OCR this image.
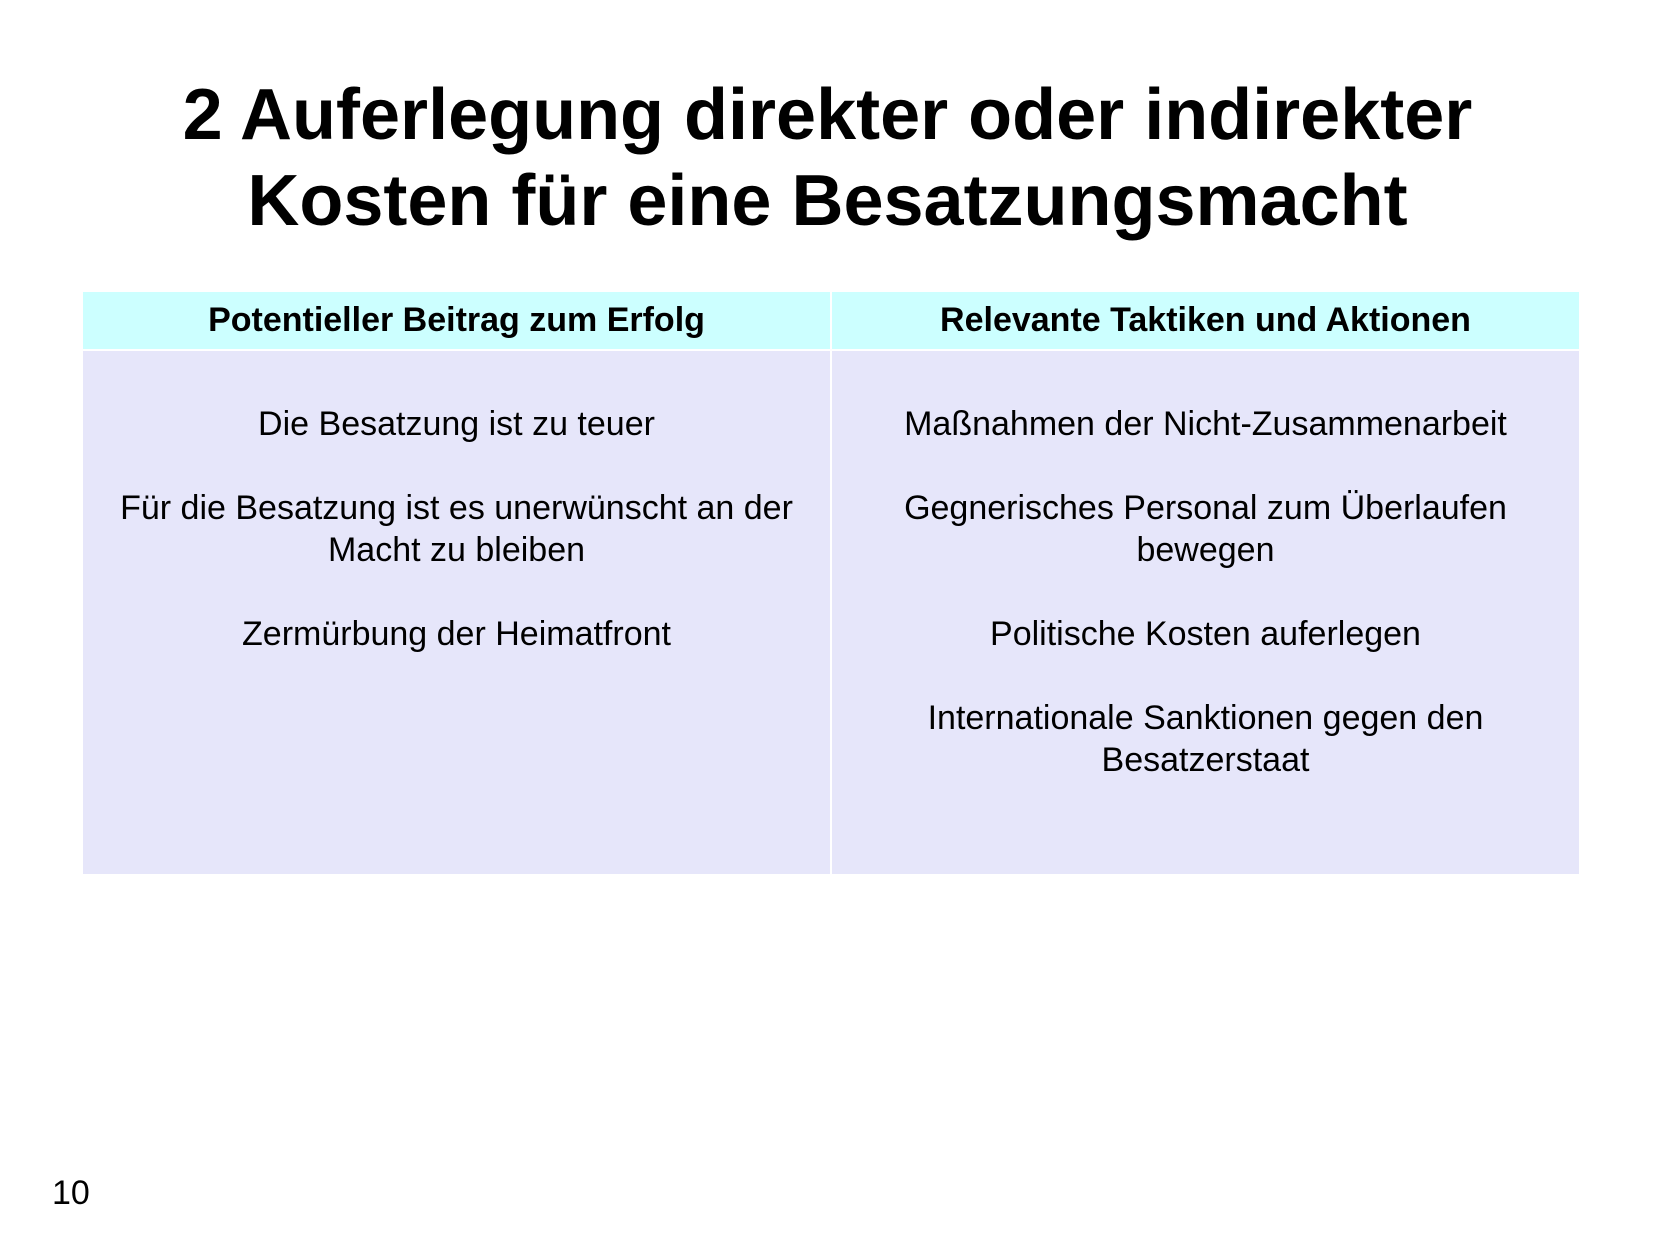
2 Auferlegung direkter oder indirekter
Kosten für eine Besatzungsmacht
Potentieller Beitrag zum Erfolg	Relevante Taktiken und Aktionen

Die Besatzung ist zu teuer

Für die Besatzung ist es unerwünscht an der Macht zu bleiben

Zermürbung der Heimatfront

Maßnahmen der Nicht-Zusammenarbeit

Gegnerisches Personal zum Überlaufen bewegen

Politische Kosten auferlegen

Internationale Sanktionen gegen den Besatzerstaat

10
